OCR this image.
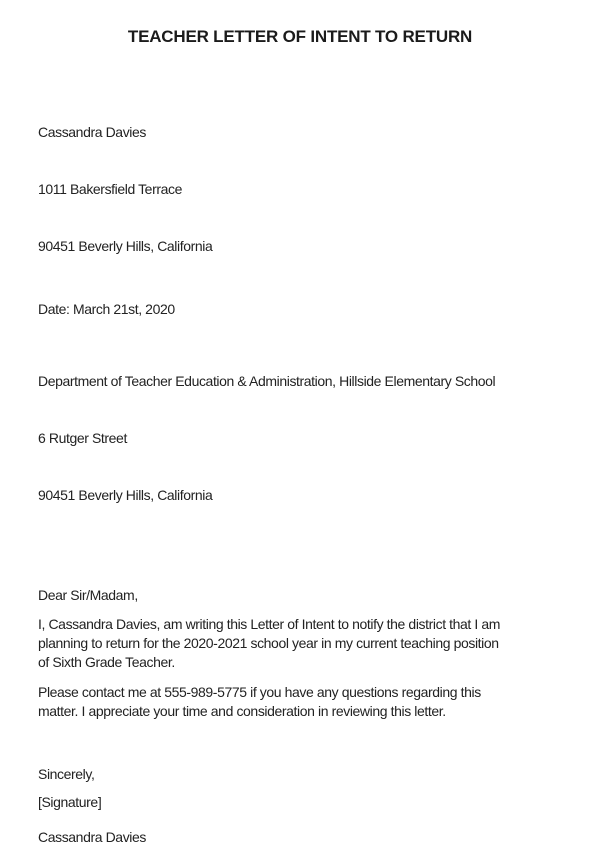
TEACHER LETTER OF INTENT TO RETURN

Cassandra Davies

1011 Bakersfield Terrace

90451 Beverly Hills, California

Date: March 21st, 2020

Department of Teacher Education & Administration, Hillside Elementary School

6 Rutger Street

90451 Beverly Hills, California

Dear Sir/Madam,

I, Cassandra Davies, am writing this Letter of Intent to notify the district that I am
planning to return for the 2020-2021 school year in my current teaching position
of Sixth Grade Teacher.

Please contact me at 555-989-5775 if you have any questions regarding this
matter. I appreciate your time and consideration in reviewing this letter.

Sincerely,
[Signature]
Cassandra Davies
